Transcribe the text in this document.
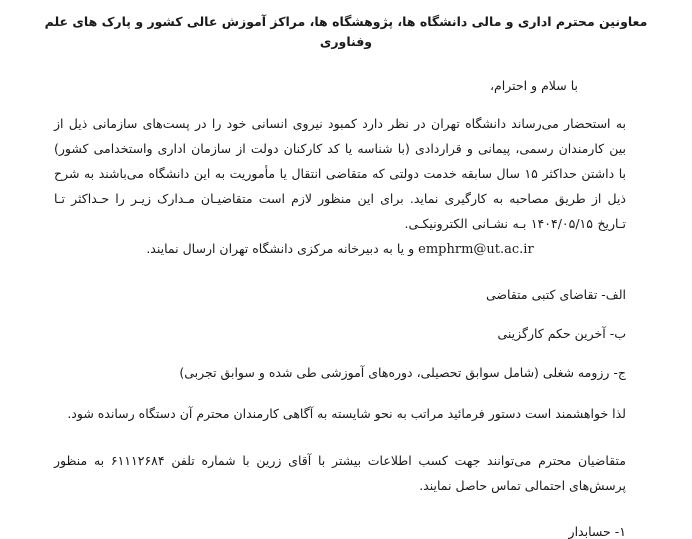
معاونین محترم اداری و مالی دانشگاه ها، پژوهشگاه ها، مراکز آموزش عالی کشور و پارک های علم وفناوری
با سلام و احترام،
به استحضار می‌رساند دانشگاه تهران در نظر دارد کمبود نیروی انسانی خود را در پست‌های سازمانی ذیل از بین کارمندان رسمی، پیمانی و قراردادی (با شناسه یا کد کارکنان دولت از سازمان اداری واستخدامی کشور) با داشتن حداکثر ۱۵ سال سابقه خدمت دولتی که متقاضی انتقال یا مأموریت به این دانشگاه می‌باشند به شرح ذیل از طریق مصاحبه به کارگیری نماید. برای این منظور لازم است متقاضیـان مـدارک زیـر را حـداکثر تـا تـاریخ ۱۴۰۴/۰۵/۱۵ بـه نشـانی الکترونیکـی.
emphrm@ut.ac.ir و یا به دبیرخانه مرکزی دانشگاه تهران ارسال نمایند.
الف- تقاضای کتبی متقاضی
ب- آخرین حکم کارگزینی
ج- رزومه شغلی (شامل سوابق تحصیلی، دوره‌های آموزشی طی شده و سوابق تجربی)
لذا خواهشمند است دستور فرمائید مراتب به نحو شایسته به آگاهی کارمندان محترم آن دستگاه رسانده شود.
متقاضیان محترم می‌توانند جهت کسب اطلاعات بیشتر با آقای زرین با شماره تلفن ۶۱۱۱۲۶۸۴ به منظور پرسش‌های احتمالی تماس حاصل نمایند.
۱- حسابدار
